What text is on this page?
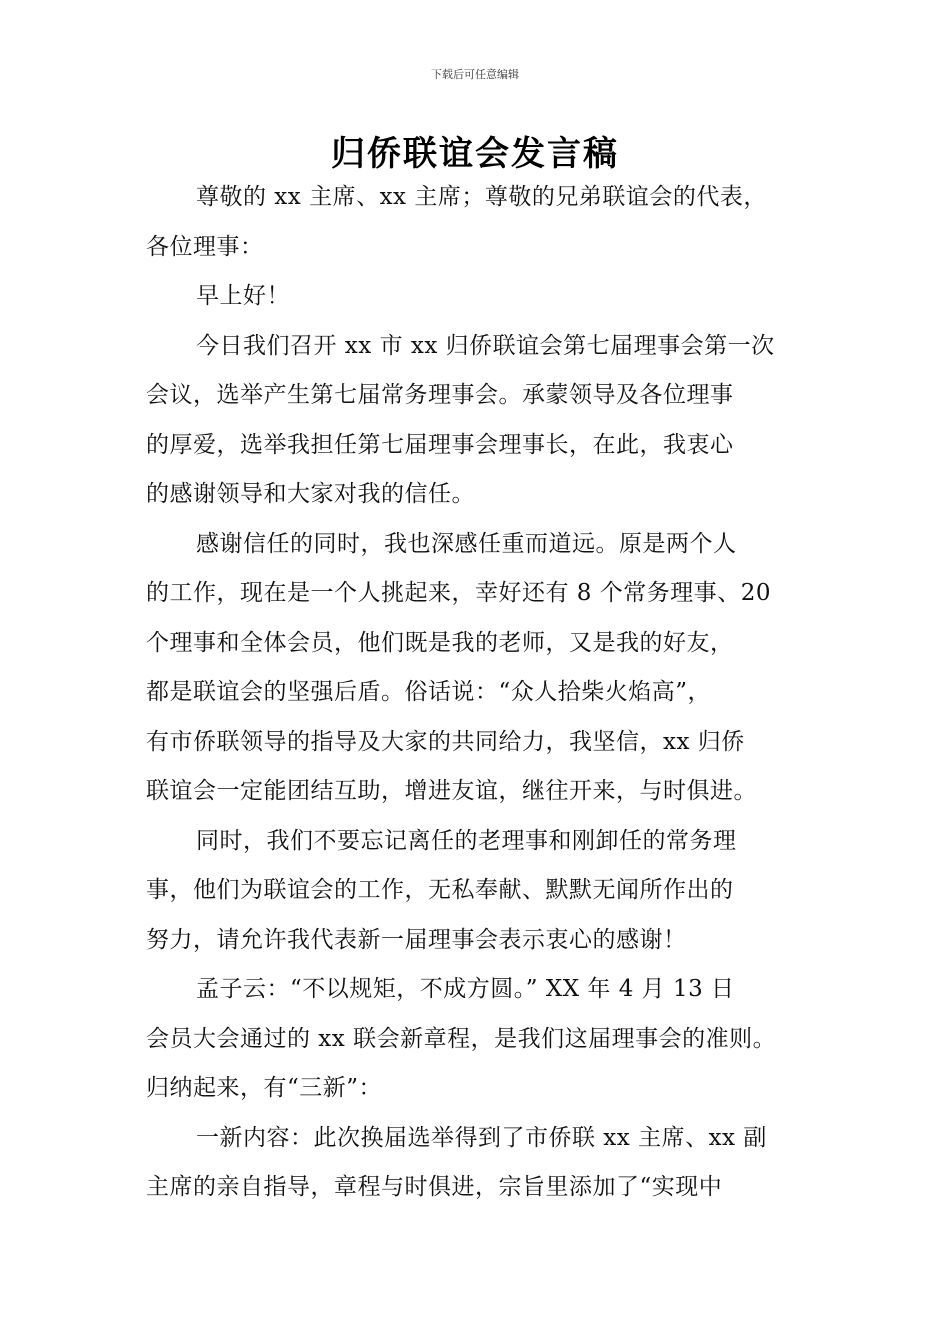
下载后可任意编辑
归侨联谊会发言稿
尊敬的 xx 主席、xx 主席；尊敬的兄弟联谊会的代表，
各位理事：
早上好！
今日我们召开 xx 市 xx 归侨联谊会第七届理事会第一次
会议，选举产生第七届常务理事会。承蒙领导及各位理事
的厚爱，选举我担任第七届理事会理事长，在此，我衷心
的感谢领导和大家对我的信任。
感谢信任的同时，我也深感任重而道远。原是两个人
的工作，现在是一个人挑起来，幸好还有 8 个常务理事、20
个理事和全体会员，他们既是我的老师，又是我的好友，
都是联谊会的坚强后盾。俗话说：“众人拾柴火焰高”，
有市侨联领导的指导及大家的共同给力，我坚信，xx 归侨
联谊会一定能团结互助，增进友谊，继往开来，与时俱进。
同时，我们不要忘记离任的老理事和刚卸任的常务理
事，他们为联谊会的工作，无私奉献、默默无闻所作出的
努力，请允许我代表新一届理事会表示衷心的感谢！
孟子云：“不以规矩，不成方圆。” XX 年 4 月 13 日
会员大会通过的 xx 联会新章程，是我们这届理事会的准则。
归纳起来，有“三新”：
一新内容：此次换届选举得到了市侨联 xx 主席、xx 副
主席的亲自指导，章程与时俱进，宗旨里添加了“实现中
